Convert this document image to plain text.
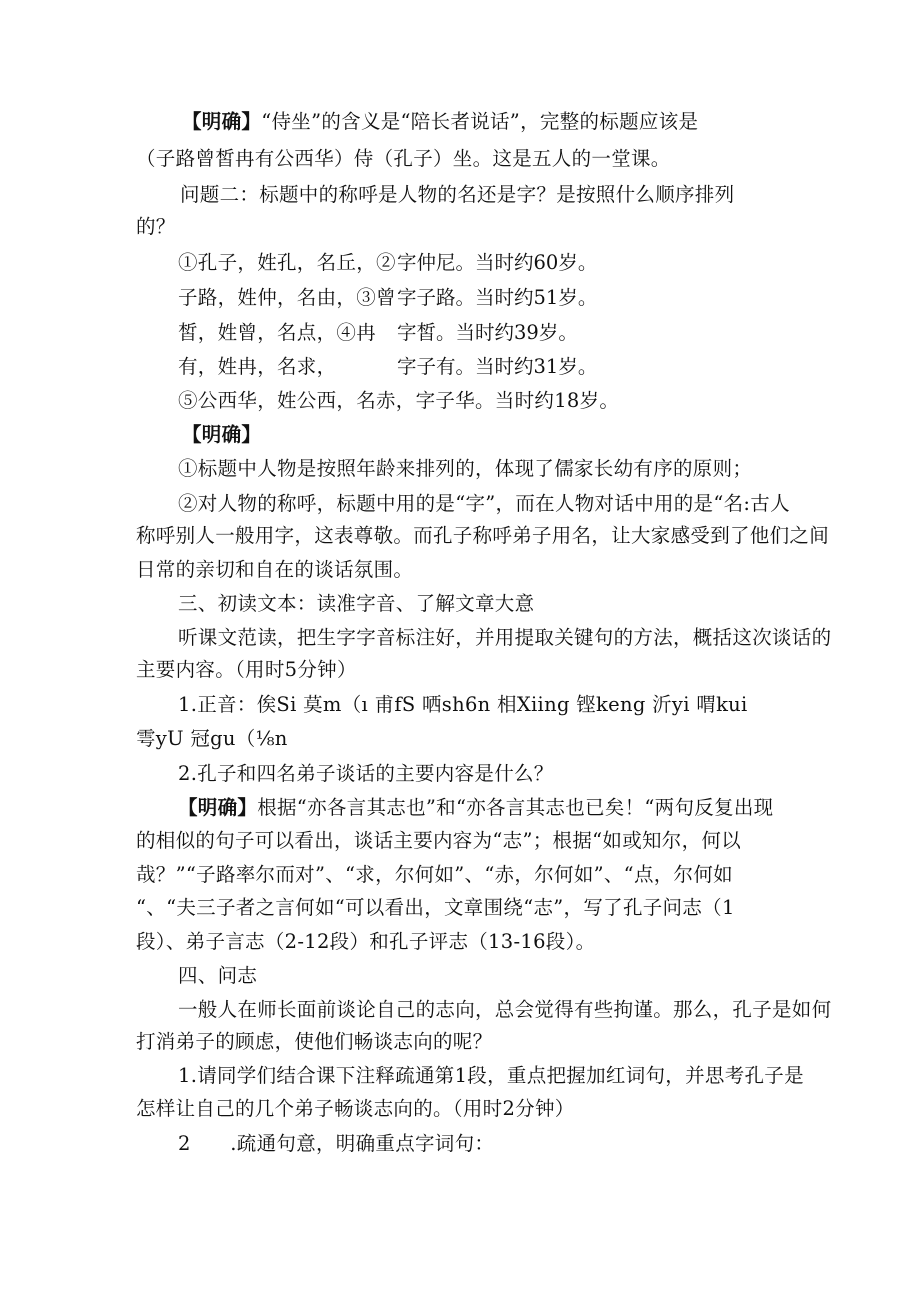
【明确】“侍坐”的含义是“陪长者说话”，完整的标题应该是
（子路曾皙冉有公西华）侍（孔子）坐。这是五人的一堂课。
问题二：标题中的称呼是人物的名还是字？是按照什么顺序排列
的？
①孔子，姓孔，名丘，② 字仲尼。当时约60岁。
子路，姓仲，名由，③曾 字子路。当时约51岁。
皙，姓曾，名点，④冉 字皙。当时约39岁。
有，姓冉，名求，	字子有。当时约31岁。
⑤公西华，姓公西，名赤，字子华。当时约18岁。
【明确】
①标题中人物是按照年龄来排列的，体现了儒家长幼有序的原则；
②对人物的称呼，标题中用的是“字”，而在人物对话中用的是“名:古人
称呼别人一般用字，这表尊敬。而孔子称呼弟子用名，让大家感受到了他们之间
日常的亲切和自在的谈话氛围。
三、初读文本：读准字音、了解文章大意
听课文范读，把生字字音标注好，并用提取关键句的方法，概括这次谈话的
主要内容。（用时5分钟）
1.正音：俟Si 莫m（ı 甫fS 哂sh6n 相Xiing 铿keng 沂yi 喟kui
雩yU 冠gu（⅛n
2.孔子和四名弟子谈话的主要内容是什么？
【明确】根据“亦各言其志也”和“亦各言其志也已矣！“两句反复出现
的相似的句子可以看出，谈话主要内容为“志”；根据“如或知尔，何以
哉？”“子路率尔而对”、“求，尔何如”、“赤，尔何如”、“点，尔何如
“、“夫三子者之言何如“可以看出，文章围绕“志”，写了孔子问志（1
段）、弟子言志（2-12段）和孔子评志（13-16段）。
四、问志
一般人在师长面前谈论自己的志向，总会觉得有些拘谨。那么，孔子是如何
打消弟子的顾虑，使他们畅谈志向的呢？
1.请同学们结合课下注释疏通第1段，重点把握加红词句，并思考孔子是
怎样让自己的几个弟子畅谈志向的。（用时2分钟）
2　　.疏通句意，明确重点字词句：
